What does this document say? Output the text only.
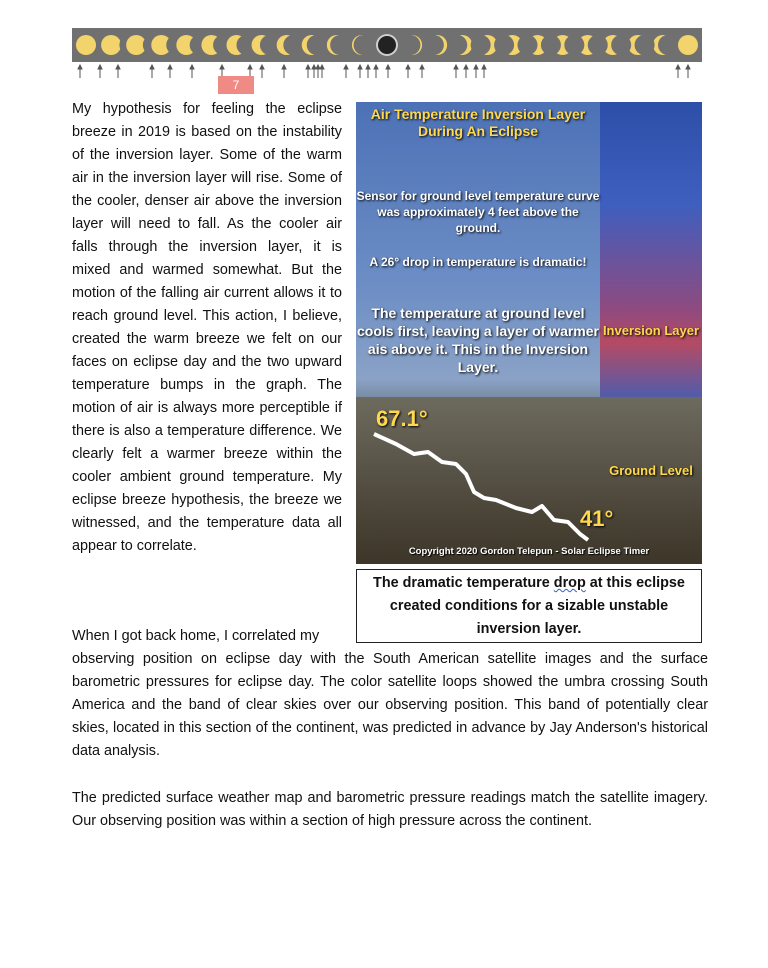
7

My hypothesis for feeling the eclipse breeze in 2019 is based on the instability of the inversion layer. Some of the warm air in the inversion layer will rise. Some of the cooler, denser air above the inversion layer will need to fall. As the cooler air falls through the inversion layer, it is mixed and warmed somewhat. But the motion of the falling air current allows it to reach ground level. This action, I believe, created the warm breeze we felt on our faces on eclipse day and the two upward temperature bumps in the graph. The motion of air is always more perceptible if there is also a temperature difference. We clearly felt a warmer breeze within the cooler ambient ground temperature. My eclipse breeze hypothesis, the breeze we witnessed, and the temperature data all appear to correlate.

Air Temperature Inversion Layer During An Eclipse
Sensor for ground level temperature curve was approximately 4 feet above the ground.
A 26° drop in temperature is dramatic!
The temperature at ground level cools first, leaving a layer of warmer ais above it. This in the Inversion Layer.
Inversion Layer
Ground Level
67.1°
41°
Copyright 2020 Gordon Telepun - Solar Eclipse Timer
The dramatic temperature drop at this eclipse created conditions for a sizable unstable inversion layer.

When I got back home, I correlated my
observing position on eclipse day with the South American satellite images and the surface barometric pressures for eclipse day. The color satellite loops showed the umbra crossing South America and the band of clear skies over our observing position. This band of potentially clear skies, located in this section of the continent, was predicted in advance by Jay Anderson's historical data analysis.

The predicted surface weather map and barometric pressure readings match the satellite imagery. Our observing position was within a section of high pressure across the continent.
